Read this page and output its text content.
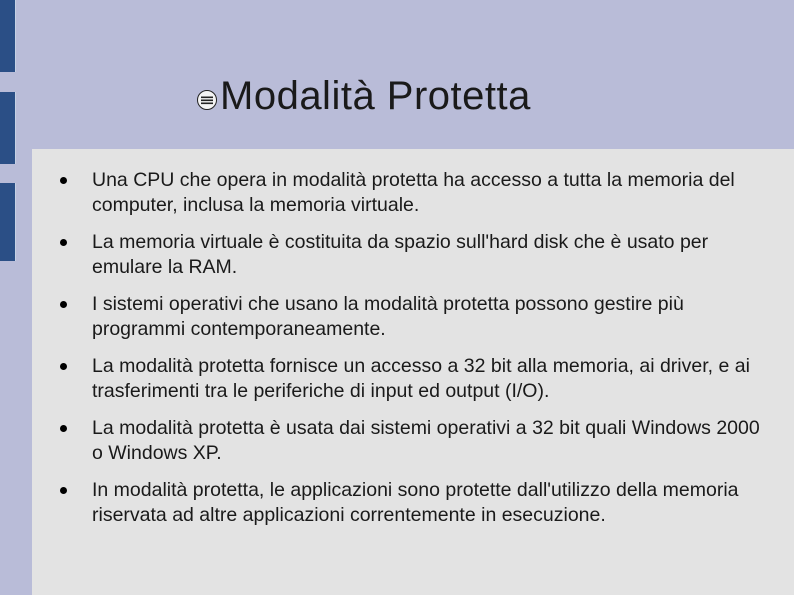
Modalità Protetta
Una CPU che opera in modalità protetta ha accesso a tutta la memoria del computer, inclusa la memoria virtuale.
La memoria virtuale è costituita da spazio sull'hard disk che è usato per emulare la RAM.
I sistemi operativi che usano la modalità protetta possono gestire più programmi contemporaneamente.
La modalità protetta fornisce un accesso a 32 bit alla memoria, ai driver, e ai trasferimenti tra le periferiche di input ed output (I/O).
La modalità protetta è usata dai sistemi operativi a 32 bit quali Windows 2000 o Windows XP.
In modalità protetta, le applicazioni sono protette dall'utilizzo della memoria riservata ad altre applicazioni correntemente in esecuzione.
